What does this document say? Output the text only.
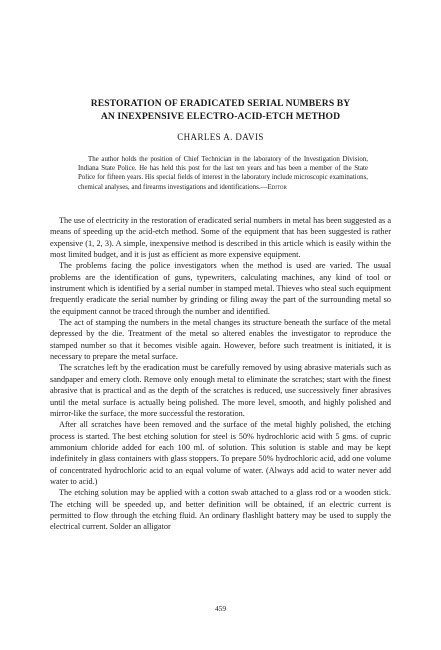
RESTORATION OF ERADICATED SERIAL NUMBERS BY
AN INEXPENSIVE ELECTRO-ACID-ETCH METHOD

CHARLES A. DAVIS

The author holds the position of Chief Technician in the laboratory of the Investigation Division, Indiana State Police. He has held this post for the last ten years and has been a member of the State Police for fifteen years. His special fields of interest in the laboratory include microscopic examinations, chemical analyses, and firearms investigations and identifications.—Editor

The use of electricity in the restoration of eradicated serial numbers in metal has been suggested as a means of speeding up the acid-etch method. Some of the equipment that has been suggested is rather expensive (1, 2, 3). A simple, inexpensive method is described in this article which is easily within the most limited budget, and it is just as efficient as more expensive equipment.

The problems facing the police investigators when the method is used are varied. The usual problems are the identification of guns, typewriters, calculating machines, any kind of tool or instrument which is identified by a serial number in stamped metal. Thieves who steal such equipment frequently eradicate the serial number by grinding or filing away the part of the surrounding metal so the equipment cannot be traced through the number and identified.

The act of stamping the numbers in the metal changes its structure beneath the surface of the metal depressed by the die. Treatment of the metal so altered enables the investigator to reproduce the stamped number so that it becomes visible again. However, before such treatment is initiated, it is necessary to prepare the metal surface.

The scratches left by the eradication must be carefully removed by using abrasive materials such as sandpaper and emery cloth. Remove only enough metal to eliminate the scratches; start with the finest abrasive that is practical and as the depth of the scratches is reduced, use successively finer abrasives until the metal surface is actually being polished. The more level, smooth, and highly polished and mirror-like the surface, the more successful the restoration.

After all scratches have been removed and the surface of the metal highly polished, the etching process is started. The best etching solution for steel is 50% hydrochloric acid with 5 gms. of cupric ammonium chloride added for each 100 ml. of solution. This solution is stable and may be kept indefinitely in glass containers with glass stoppers. To prepare 50% hydrochloric acid, add one volume of concentrated hydrochloric acid to an equal volume of water. (Always add acid to water never add water to acid.)

The etching solution may be applied with a cotton swab attached to a glass rod or a wooden stick. The etching will be speeded up, and better definition will be obtained, if an electric current is permitted to flow through the etching fluid. An ordinary flashlight battery may be used to supply the electrical current. Solder an alligator

459
